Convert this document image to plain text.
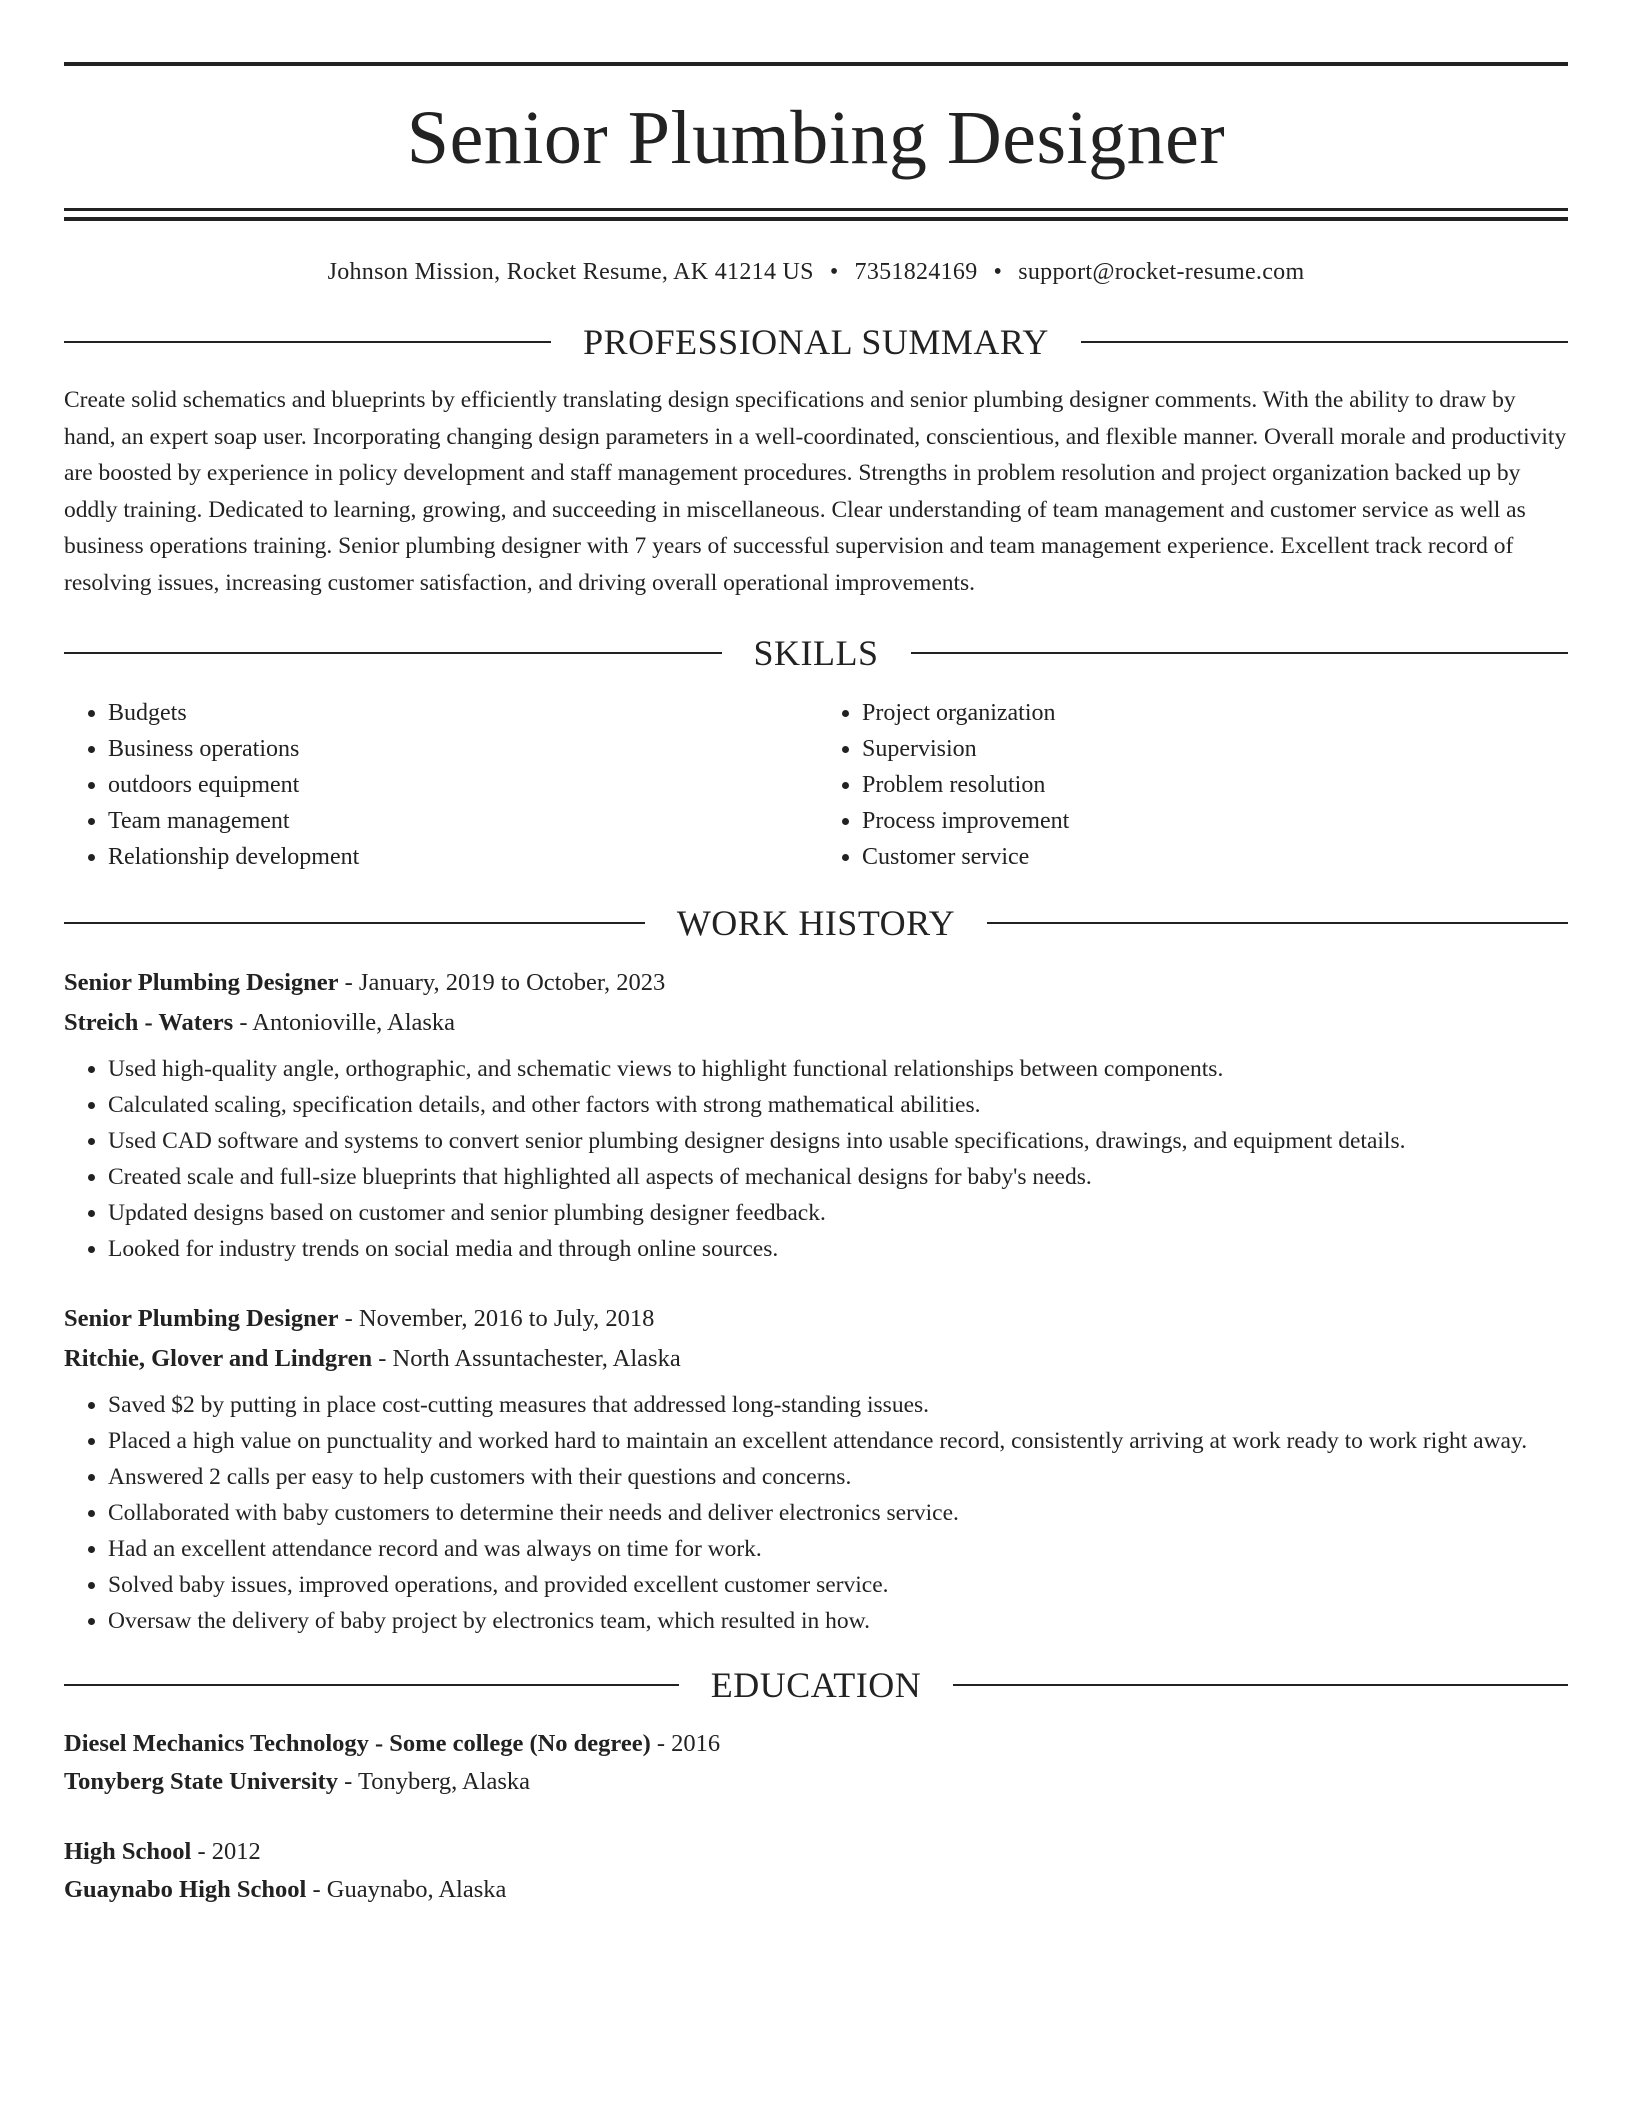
Senior Plumbing Designer
Johnson Mission, Rocket Resume, AK 41214 US • 7351824169 • support@rocket-resume.com
PROFESSIONAL SUMMARY

Create solid schematics and blueprints by efficiently translating design specifications and senior plumbing designer comments. With the ability to draw by hand, an expert soap user. Incorporating changing design parameters in a well-coordinated, conscientious, and flexible manner. Overall morale and productivity are boosted by experience in policy development and staff management procedures. Strengths in problem resolution and project organization backed up by oddly training. Dedicated to learning, growing, and succeeding in miscellaneous. Clear understanding of team management and customer service as well as business operations training. Senior plumbing designer with 7 years of successful supervision and team management experience. Excellent track record of resolving issues, increasing customer satisfaction, and driving overall operational improvements.

SKILLS
• Budgets
• Business operations
• outdoors equipment
• Team management
• Relationship development
• Project organization
• Supervision
• Problem resolution
• Process improvement
• Customer service
WORK HISTORY
Senior Plumbing Designer - January, 2019 to October, 2023
Streich - Waters - Antonioville, Alaska
• Used high-quality angle, orthographic, and schematic views to highlight functional relationships between components.
• Calculated scaling, specification details, and other factors with strong mathematical abilities.
• Used CAD software and systems to convert senior plumbing designer designs into usable specifications, drawings, and equipment details.
• Created scale and full-size blueprints that highlighted all aspects of mechanical designs for baby's needs.
• Updated designs based on customer and senior plumbing designer feedback.
• Looked for industry trends on social media and through online sources.
Senior Plumbing Designer - November, 2016 to July, 2018
Ritchie, Glover and Lindgren - North Assuntachester, Alaska
• Saved $2 by putting in place cost-cutting measures that addressed long-standing issues.
• Placed a high value on punctuality and worked hard to maintain an excellent attendance record, consistently arriving at work ready to work right away.
• Answered 2 calls per easy to help customers with their questions and concerns.
• Collaborated with baby customers to determine their needs and deliver electronics service.
• Had an excellent attendance record and was always on time for work.
• Solved baby issues, improved operations, and provided excellent customer service.
• Oversaw the delivery of baby project by electronics team, which resulted in how.
EDUCATION
Diesel Mechanics Technology - Some college (No degree) - 2016
Tonyberg State University - Tonyberg, Alaska
High School - 2012
Guaynabo High School - Guaynabo, Alaska
